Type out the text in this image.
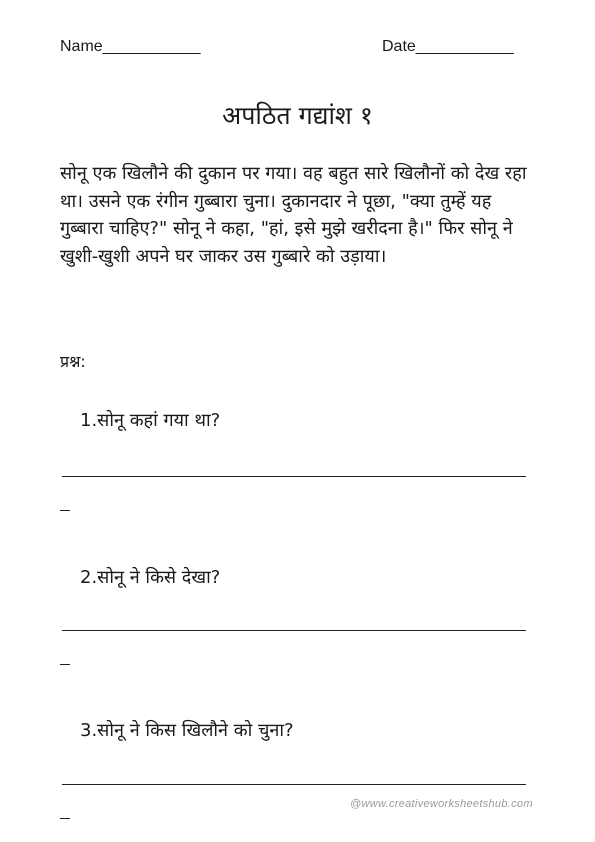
Name___________	Date___________
अपठित गद्यांश १

सोनू एक खिलौने की दुकान पर गया। वह बहुत सारे खिलौनों को देख रहा था। उसने एक रंगीन गुब्बारा चुना। दुकानदार ने पूछा, "क्या तुम्हें यह गुब्बारा चाहिए?" सोनू ने कहा, "हां, इसे मुझे खरीदना है।" फिर सोनू ने खुशी-खुशी अपने घर जाकर उस गुब्बारे को उड़ाया।

प्रश्न:
1.सोनू कहां गया था?
2.सोनू ने किसे देखा?
3.सोनू ने किस खिलौने को चुना?
@www.creativeworksheetshub.com
